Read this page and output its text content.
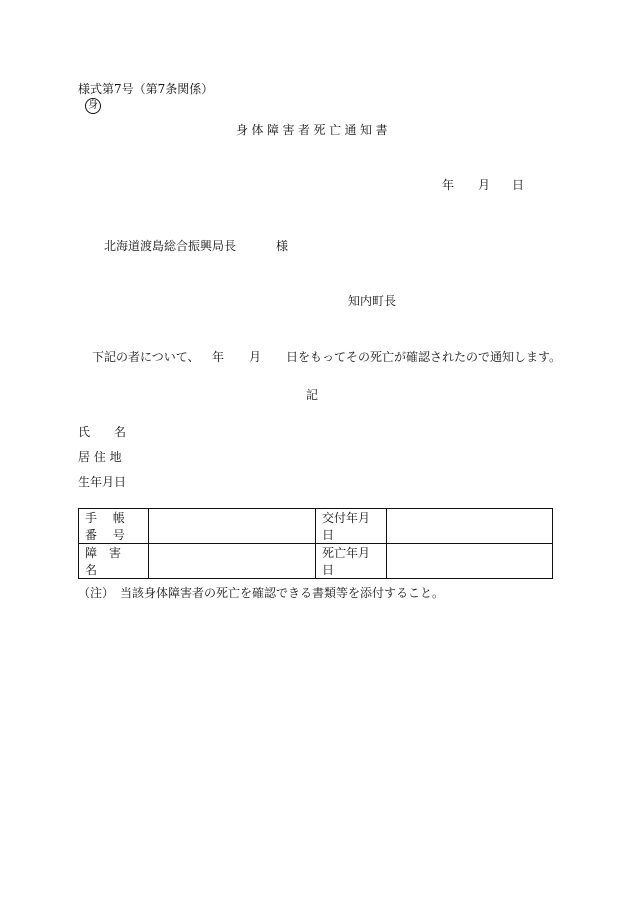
様式第7号（第7条関係）
身
身体障害者死亡通知書
年 月 日
北海道渡島総合振興局長	様
知内町長
下記の者について、 年 月 日をもってその死亡が確認されたので通知します。
記
氏　　名
居 住 地
生年月日
手 帳 番 号		交付年月日	
障　害　名		死亡年月日	
（注）　当該身体障害者の死亡を確認できる書類等を添付すること。
